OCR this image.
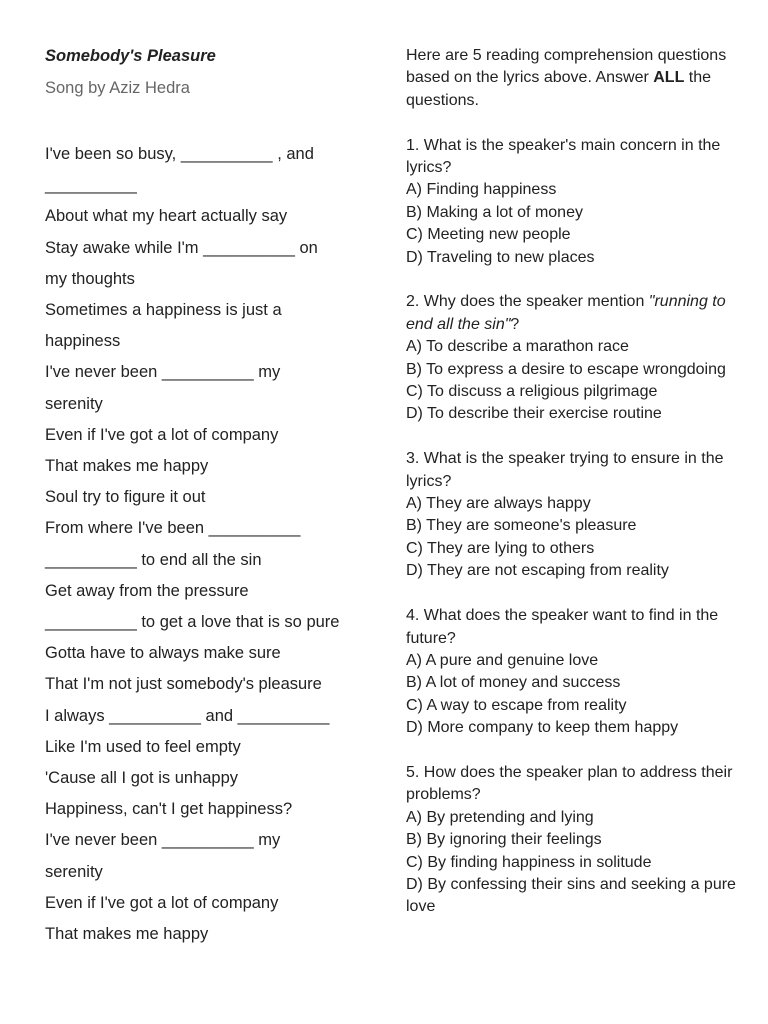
Somebody's Pleasure
Song by Aziz Hedra
I've been so busy, __________ , and
__________
About what my heart actually say
Stay awake while I'm __________ on
my thoughts
Sometimes a happiness is just a
happiness
I've never been __________ my
serenity
Even if I've got a lot of company
That makes me happy
Soul try to figure it out
From where I've been __________
__________ to end all the sin
Get away from the pressure
__________ to get a love that is so pure
Gotta have to always make sure
That I'm not just somebody's pleasure
I always __________ and __________
Like I'm used to feel empty
'Cause all I got is unhappy
Happiness, can't I get happiness?
I've never been __________ my
serenity
Even if I've got a lot of company
That makes me happy
Here are 5 reading comprehension questions based on the lyrics above. Answer ALL the questions.
1. What is the speaker's main concern in the lyrics?
A) Finding happiness
B) Making a lot of money
C) Meeting new people
D) Traveling to new places
2. Why does the speaker mention "running to end all the sin"?
A) To describe a marathon race
B) To express a desire to escape wrongdoing
C) To discuss a religious pilgrimage
D) To describe their exercise routine
3. What is the speaker trying to ensure in the lyrics?
A) They are always happy
B) They are someone's pleasure
C) They are lying to others
D) They are not escaping from reality
4. What does the speaker want to find in the future?
A) A pure and genuine love
B) A lot of money and success
C) A way to escape from reality
D) More company to keep them happy
5. How does the speaker plan to address their problems?
A) By pretending and lying
B) By ignoring their feelings
C) By finding happiness in solitude
D) By confessing their sins and seeking a pure love
